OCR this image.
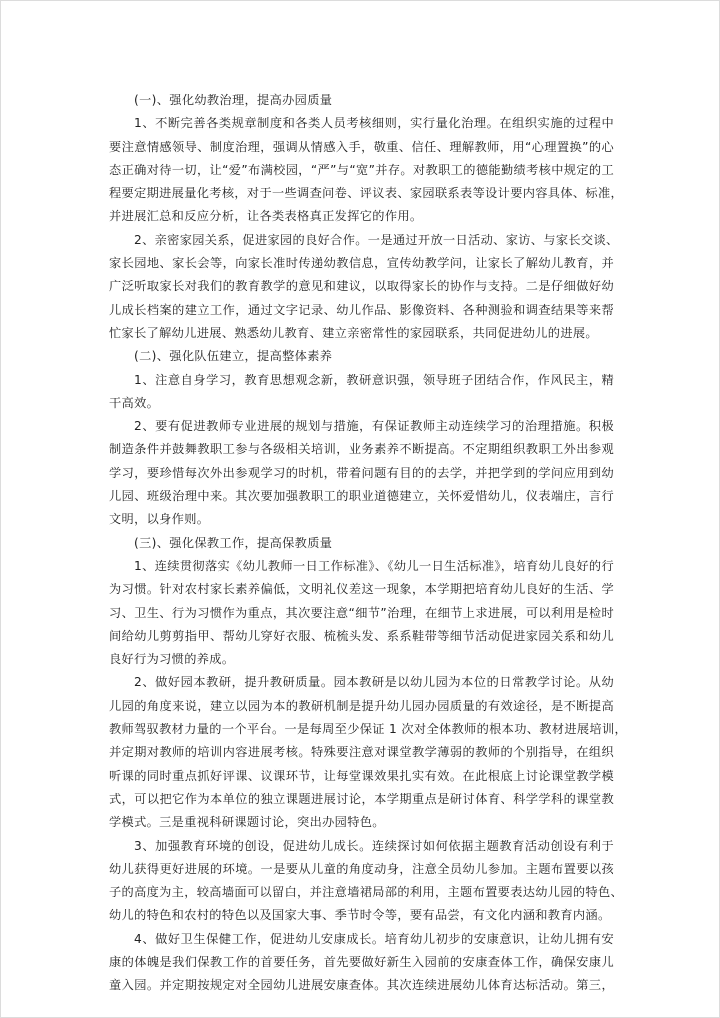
(一)、强化幼教治理，提高办园质量
1、不断完善各类规章制度和各类人员考核细则，实行量化治理。在组织实施的过程中
要注意情感领导、制度治理，强调从情感入手，敬重、信任、理解教师，用“心理置换”的心
态正确对待一切，让“爱”布满校园，“严”与“宽”并存。对教职工的德能勤绩考核中规定的工
程要定期进展量化考核，对于一些调查问卷、评议表、家园联系表等设计要内容具体、标准，
并进展汇总和反应分析，让各类表格真正发挥它的作用。
2、亲密家园关系，促进家园的良好合作。一是通过开放一日活动、家访、与家长交谈、
家长园地、家长会等，向家长准时传递幼教信息，宣传幼教学问，让家长了解幼儿教育，并
广泛听取家长对我们的教育教学的意见和建议，以取得家长的协作与支持。二是仔细做好幼
儿成长档案的建立工作，通过文字记录、幼儿作品、影像资料、各种测验和调查结果等来帮
忙家长了解幼儿进展、熟悉幼儿教育、建立亲密常性的家园联系，共同促进幼儿的进展。
(二)、强化队伍建立，提高整体素养
1、注意自身学习，教育思想观念新，教研意识强，领导班子团结合作，作风民主，精
干高效。
2、要有促进教师专业进展的规划与措施，有保证教师主动连续学习的治理措施。积极
制造条件并鼓舞教职工参与各级相关培训，业务素养不断提高。不定期组织教职工外出参观
学习，要珍惜每次外出参观学习的时机，带着问题有目的的去学，并把学到的学问应用到幼
儿园、班级治理中来。其次要加强教职工的职业道德建立，关怀爱惜幼儿，仪表端庄，言行
文明，以身作则。
(三)、强化保教工作，提高保教质量
1、连续贯彻落实《幼儿教师一日工作标准》、《幼儿一日生活标准》，培育幼儿良好的行
为习惯。针对农村家长素养偏低，文明礼仪差这一现象，本学期把培育幼儿良好的生活、学
习、卫生、行为习惯作为重点，其次要注意“细节”治理，在细节上求进展，可以利用是检时
间给幼儿剪剪指甲、帮幼儿穿好衣服、梳梳头发、系系鞋带等细节活动促进家园关系和幼儿
良好行为习惯的养成。
2、做好园本教研，提升教研质量。园本教研是以幼儿园为本位的日常教学讨论。从幼
儿园的角度来说，建立以园为本的教研机制是提升幼儿园办园质量的有效途径，是不断提高
教师驾驭教材力量的一个平台。一是每周至少保证 1 次对全体教师的根本功、教材进展培训，
并定期对教师的培训内容进展考核。特殊要注意对课堂教学薄弱的教师的个别指导，在组织
听课的同时重点抓好评课、议课环节，让每堂课效果扎实有效。在此根底上讨论课堂教学模
式，可以把它作为本单位的独立课题进展讨论，本学期重点是研讨体育、科学学科的课堂教
学模式。三是重视科研课题讨论，突出办园特色。
3、加强教育环境的创设，促进幼儿成长。连续探讨如何依据主题教育活动创设有利于
幼儿获得更好进展的环境。一是要从儿童的角度动身，注意全员幼儿参加。主题布置要以孩
子的高度为主，较高墙面可以留白，并注意墙裙局部的利用，主题布置要表达幼儿园的特色、
幼儿的特色和农村的特色以及国家大事、季节时令等，要有品尝，有文化内涵和教育内涵。
4、做好卫生保健工作，促进幼儿安康成长。培育幼儿初步的安康意识，让幼儿拥有安
康的体魄是我们保教工作的首要任务，首先要做好新生入园前的安康查体工作，确保安康儿
童入园。并定期按规定对全园幼儿进展安康查体。其次连续进展幼儿体育达标活动。第三，
